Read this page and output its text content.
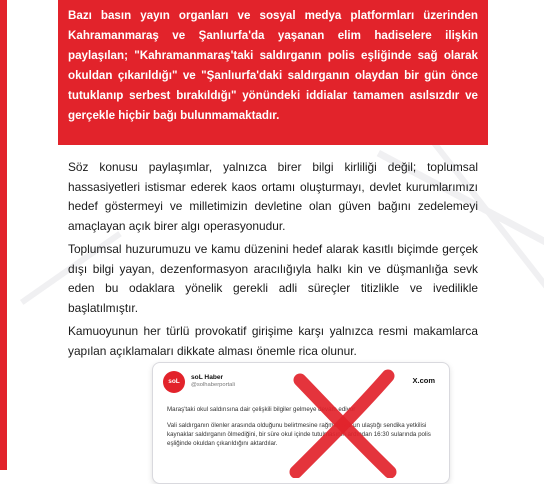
Bazı basın yayın organları ve sosyal medya platformları üzerinden Kahramanmaraş ve Şanlıurfa'da yaşanan elim hadiselere ilişkin paylaşılan; "Kahramanmaraş'taki saldırganın polis eşliğinde sağ olarak okuldan çıkarıldığı" ve "Şanlıurfa'daki saldırganın olaydan bir gün önce tutuklanıp serbest bırakıldığı" yönündeki iddialar tamamen asılsızdır ve gerçekle hiçbir bağı bulunmamaktadır.
Söz konusu paylaşımlar, yalnızca birer bilgi kirliliği değil; toplumsal hassasiyetleri istismar ederek kaos ortamı oluşturmayı, devlet kurumlarımızı hedef göstermeyi ve milletimizin devletine olan güven bağını zedelemeyi amaçlayan açık birer algı operasyonudur.
Toplumsal huzurumuzu ve kamu düzenini hedef alarak kasıtlı biçimde gerçek dışı bilgi yayan, dezenformasyon aracılığıyla halkı kin ve düşmanlığa sevk eden bu odaklara yönelik gerekli adli süreçler titizlikle ve ivedilikle başlatılmıştır.
Kamuoyunun her türlü provokatif girişime karşı yalnızca resmi makamlarca yapılan açıklamaları dikkate alması önemle rica olunur.
soL
soL Haber
@solhaberportali	X.com
Maraş'taki okul saldırısına dair çelişkili bilgiler gelmeye devam ediyor
Vali saldırganın ölenler arasında olduğunu belirtmesine rağmen soL'un ulaştığı sendika yetkilisi kaynaklar saldırganın ölmediğini, bir süre okul içinde tutulmasının ardından 16:30 sularında polis eşliğinde okuldan çıkarıldığını aktardılar.
